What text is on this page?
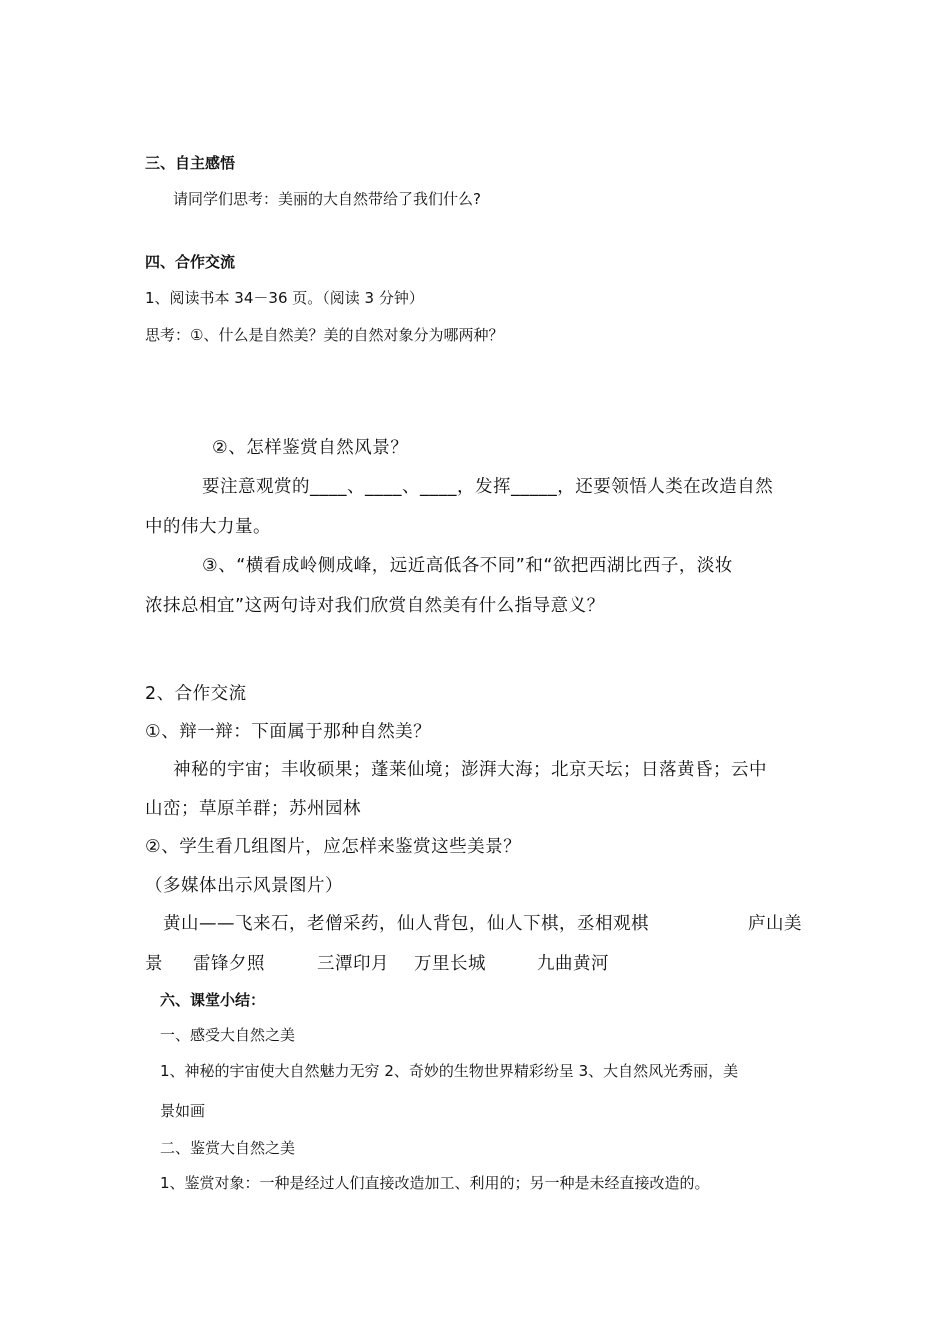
三、自主感悟
请同学们思考：美丽的大自然带给了我们什么?
四、合作交流
1、阅读书本 34－36 页。（阅读 3 分钟）
思考：①、什么是自然美？美的自然对象分为哪两种？
②、怎样鉴赏自然风景？
要注意观赏的____、____、____，发挥_____，还要领悟人类在改造自然
中的伟大力量。
③、“横看成岭侧成峰，远近高低各不同”和“欲把西湖比西子，淡妆
浓抹总相宜”这两句诗对我们欣赏自然美有什么指导意义？
2、合作交流
①、辩一辩：下面属于那种自然美？
神秘的宇宙；丰收硕果；蓬莱仙境；澎湃大海；北京天坛；日落黄昏；云中
山峦；草原羊群；苏州园林
②、学生看几组图片，应怎样来鉴赏这些美景？
（多媒体出示风景图片）
黄山——飞来石，老僧采药，仙人背包，仙人下棋，丞相观棋	庐山美
景 雷锋夕照	三潭印月 万里长城	九曲黄河
六、课堂小结：
一、感受大自然之美
1、神秘的宇宙使大自然魅力无穷 2、奇妙的生物世界精彩纷呈 3、大自然风光秀丽，美
景如画
二、鉴赏大自然之美
1、鉴赏对象：一种是经过人们直接改造加工、利用的；另一种是未经直接改造的。
